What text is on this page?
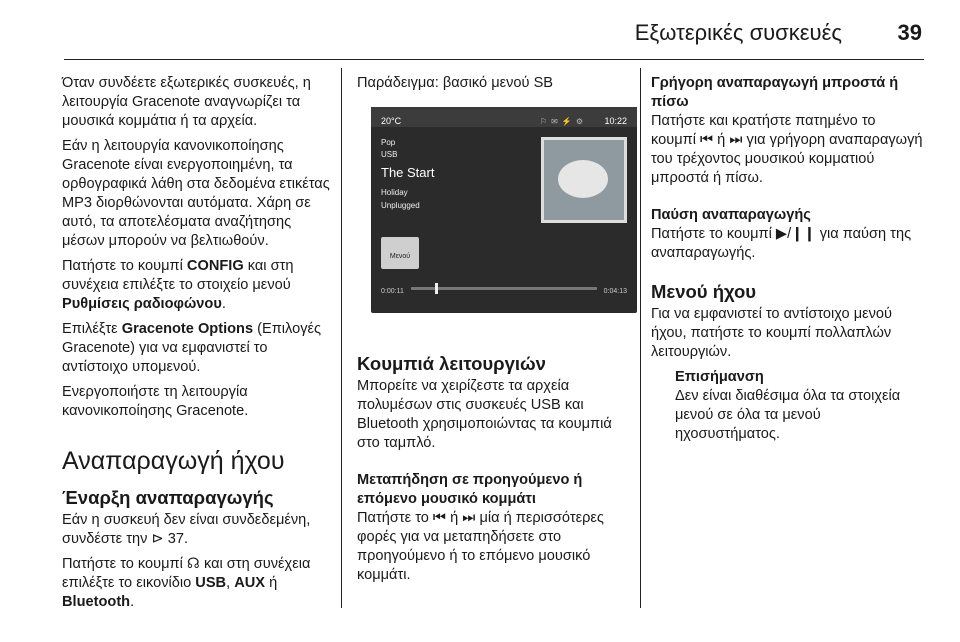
Εξωτερικές συσκευές	39

Όταν συνδέετε εξωτερικές συσκευές, η λειτουργία Gracenote αναγνωρίζει τα μουσικά κομμάτια ή τα αρχεία.

Εάν η λειτουργία κανονικοποίησης Gracenote είναι ενεργοποιημένη, τα ορθογραφικά λάθη στα δεδομένα ετικέτας MP3 διορθώνονται αυτόματα. Χάρη σε αυτό, τα αποτελέσματα αναζήτησης μέσων μπορούν να βελτιωθούν.

Πατήστε το κουμπί CONFIG και στη συνέχεια επιλέξτε το στοιχείο μενού Ρυθμίσεις ραδιοφώνου.

Επιλέξτε Gracenote Options (Επιλογές Gracenote) για να εμφανιστεί το αντίστοιχο υπομενού.

Ενεργοποιήστε τη λειτουργία κανονικοποίησης Gracenote.

Αναπαραγωγή ήχου
Έναρξη αναπαραγωγής

Εάν η συσκευή δεν είναι συνδεδεμένη, συνδέστε την ⊳ 37.

Πατήστε το κουμπί ☊ και στη συνέχεια επιλέξτε το εικονίδιο USB, AUX ή Bluetooth.

Παράδειγμα: βασικό μενού SB

20°C	⚐✉⚡⚙ 10:22
Pop
USB
The Start
Holiday
Unplugged
Μενού
0:00:11	0:04:13
Κουμπιά λειτουργιών

Μπορείτε να χειρίζεστε τα αρχεία πολυμέσων στις συσκευές USB και Bluetooth χρησιμοποιώντας τα κουμπιά στο ταμπλό.

Μεταπήδηση σε προηγούμενο ή επόμενο μουσικό κομμάτι

Πατήστε το ⏮ ή ⏭ μία ή περισσότερες φορές για να μεταπηδήσετε στο προηγούμενο ή το επόμενο μουσικό κομμάτι.

Γρήγορη αναπαραγωγή μπροστά ή πίσω

Πατήστε και κρατήστε πατημένο το κουμπί ⏮ ή ⏭ για γρήγορη αναπαραγωγή του τρέχοντος μουσικού κομματιού μπροστά ή πίσω.

Παύση αναπαραγωγής

Πατήστε το κουμπί ▶/❙❙ για παύση της αναπαραγωγής.

Μενού ήχου

Για να εμφανιστεί το αντίστοιχο μενού ήχου, πατήστε το κουμπί πολλαπλών λειτουργιών.

Επισήμανση

Δεν είναι διαθέσιμα όλα τα στοιχεία μενού σε όλα τα μενού ηχοσυστήματος.
